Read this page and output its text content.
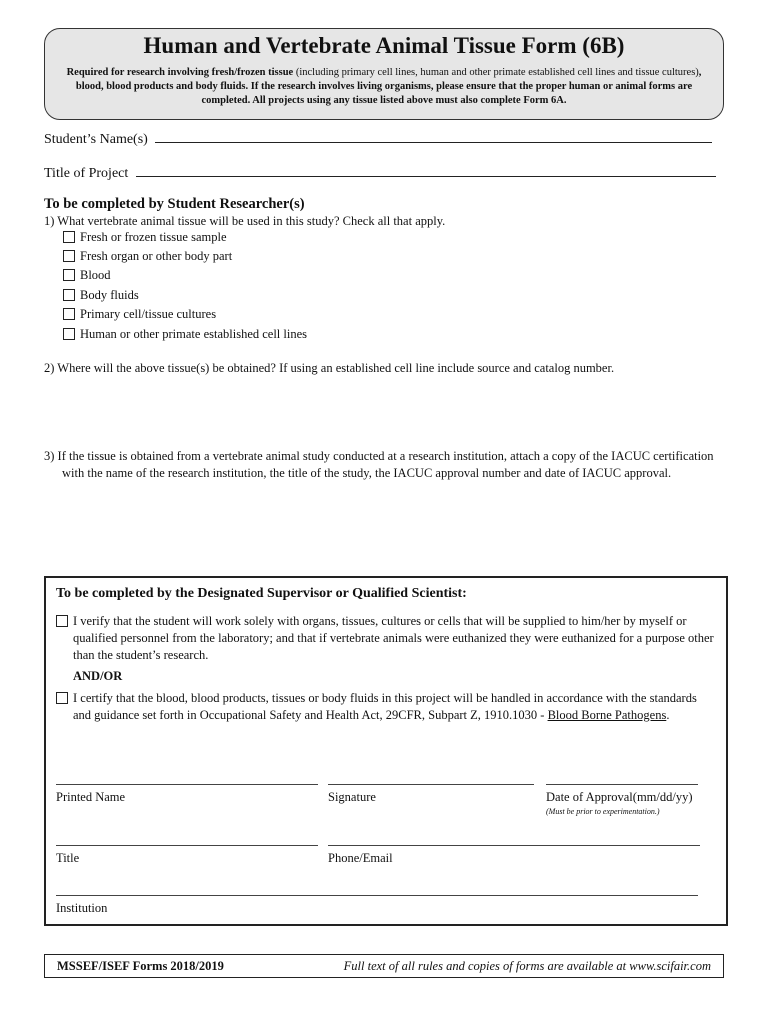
Human and Vertebrate Animal Tissue Form (6B)
Required for research involving fresh/frozen tissue (including primary cell lines, human and other primate established cell lines and tissue cultures), blood, blood products and body fluids. If the research involves living organisms, please ensure that the proper human or animal forms are completed. All projects using any tissue listed above must also complete Form 6A.
Student’s Name(s)
Title of Project
To be completed by Student Researcher(s)
1) What vertebrate animal tissue will be used in this study? Check all that apply.
Fresh or frozen tissue sample
Fresh organ or other body part
Blood
Body fluids
Primary cell/tissue cultures
Human or other primate established cell lines
2) Where will the above tissue(s) be obtained? If using an established cell line include source and catalog number.
3) If the tissue is obtained from a vertebrate animal study conducted at a research institution, attach a copy of the IACUC certification with the name of the research institution, the title of the study, the IACUC approval number and date of IACUC approval.
To be completed by the Designated Supervisor or Qualified Scientist:
I verify that the student will work solely with organs, tissues, cultures or cells that will be supplied to him/her by myself or qualified personnel from the laboratory; and that if vertebrate animals were euthanized they were euthanized for a purpose other than the student’s research.
AND/OR
I certify that the blood, blood products, tissues or body fluids in this project will be handled in accordance with the standards and guidance set forth in Occupational Safety and Health Act, 29CFR, Subpart Z, 1910.1030 - Blood Borne Pathogens.
Printed Name	Signature	Date of Approval(mm/dd/yy)
(Must be prior to experimentation.)
Title	Phone/Email
Institution
MSSEF/ISEF Forms 2018/2019	Full text of all rules and copies of forms are available at www.scifair.com
